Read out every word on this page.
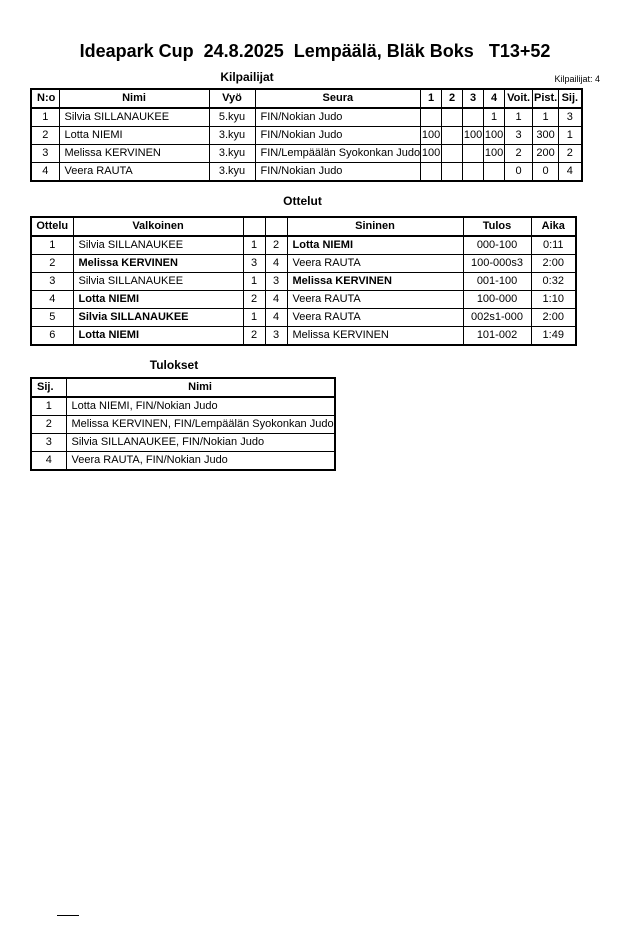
Ideapark Cup  24.8.2025  Lempäälä, Bläk Boks   T13+52
Kilpailijat	Kilpailijat: 4
N:o	Nimi	Vyö	Seura	1	2	3	4	Voit.	Pist.	Sij.
1	Silvia SILLANAUKEE	5.kyu	FIN/Nokian Judo				1	1	1	3
2	Lotta NIEMI	3.kyu	FIN/Nokian Judo	100		100	100	3	300	1
3	Melissa KERVINEN	3.kyu	FIN/Lempäälän Syokonkan Judo	100			100	2	200	2
4	Veera RAUTA	3.kyu	FIN/Nokian Judo					0	0	4
Ottelut
Ottelu	Valkoinen			Sininen	Tulos	Aika
1	Silvia SILLANAUKEE	1	2	Lotta NIEMI	000-100	0:11
2	Melissa KERVINEN	3	4	Veera RAUTA	100-000s3	2:00
3	Silvia SILLANAUKEE	1	3	Melissa KERVINEN	001-100	0:32
4	Lotta NIEMI	2	4	Veera RAUTA	100-000	1:10
5	Silvia SILLANAUKEE	1	4	Veera RAUTA	002s1-000	2:00
6	Lotta NIEMI	2	3	Melissa KERVINEN	101-002	1:49
Tulokset
Sij.	Nimi
1	Lotta NIEMI, FIN/Nokian Judo
2	Melissa KERVINEN, FIN/Lempäälän Syokonkan Judo
3	Silvia SILLANAUKEE, FIN/Nokian Judo
4	Veera RAUTA, FIN/Nokian Judo
